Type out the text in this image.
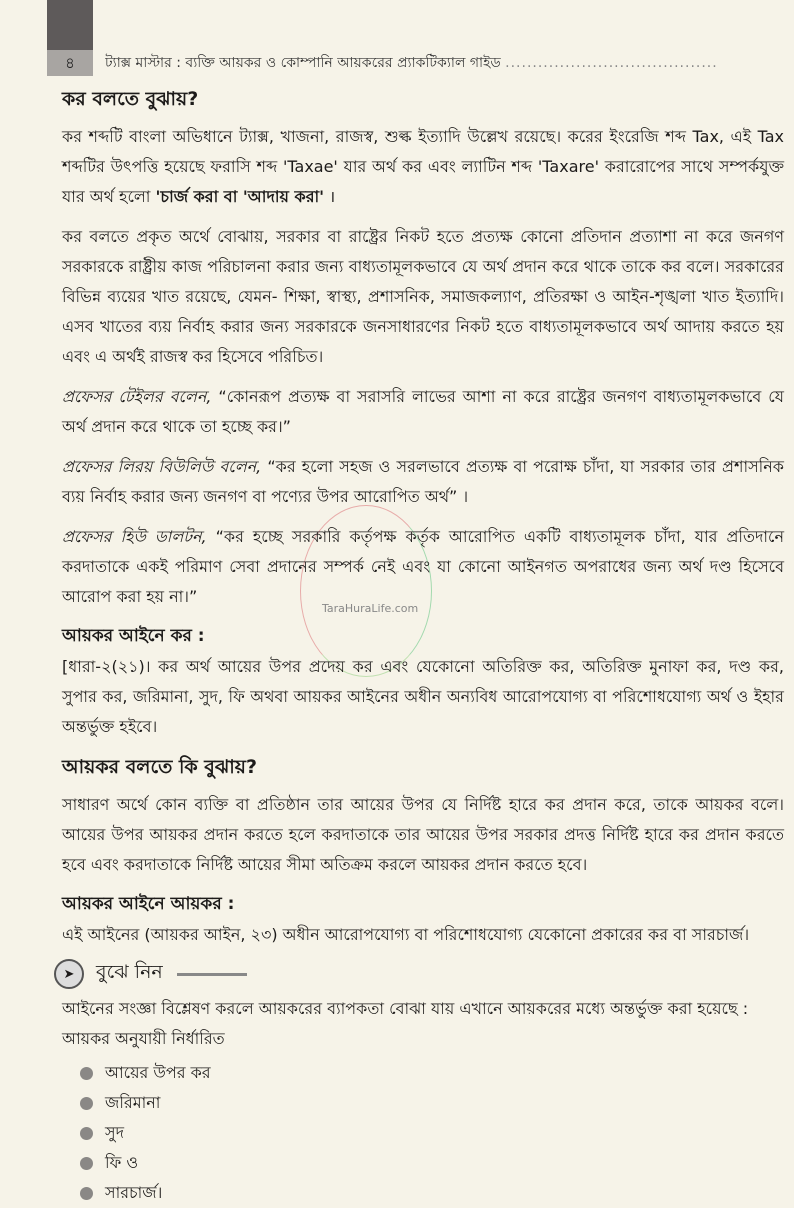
৪	ট্যাক্স মাস্টার : ব্যক্তি আয়কর ও কোম্পানি আয়করের প্র্যাকটিক্যাল গাইড .......................................
TaraHuraLife.com
কর বলতে বুঝায়?

কর শব্দটি বাংলা অভিধানে ট্যাক্স, খাজনা, রাজস্ব, শুল্ক ইত্যাদি উল্লেখ রয়েছে। করের ইংরেজি শব্দ Tax, এই Tax শব্দটির উৎপত্তি হয়েছে ফরাসি শব্দ 'Taxae' যার অর্থ কর এবং ল্যাটিন শব্দ 'Taxare' করারোপের সাথে সম্পর্কযুক্ত যার অর্থ হলো 'চার্জ করা বা 'আদায় করা' ।

কর বলতে প্রকৃত অর্থে বোঝায়, সরকার বা রাষ্ট্রের নিকট হতে প্রত্যক্ষ কোনো প্রতিদান প্রত্যাশা না করে জনগণ সরকারকে রাষ্ট্রীয় কাজ পরিচালনা করার জন্য বাধ্যতামূলকভাবে যে অর্থ প্রদান করে থাকে তাকে কর বলে। সরকারের বিভিন্ন ব্যয়ের খাত রয়েছে, যেমন- শিক্ষা, স্বাস্থ্য, প্রশাসনিক, সমাজকল্যাণ, প্রতিরক্ষা ও আইন-শৃঙ্খলা খাত ইত্যাদি। এসব খাতের ব্যয় নির্বাহ করার জন্য সরকারকে জনসাধারণের নিকট হতে বাধ্যতামূলকভাবে অর্থ আদায় করতে হয় এবং এ অর্থই রাজস্ব কর হিসেবে পরিচিত।

প্রফেসর টেইলর বলেন, “কোনরূপ প্রত্যক্ষ বা সরাসরি লাভের আশা না করে রাষ্ট্রের জনগণ বাধ্যতামূলকভাবে যে অর্থ প্রদান করে থাকে তা হচ্ছে কর।”

প্রফেসর লিরয় বিউলিউ বলেন, “কর হলো সহজ ও সরলভাবে প্রত্যক্ষ বা পরোক্ষ চাঁদা, যা সরকার তার প্রশাসনিক ব্যয় নির্বাহ করার জন্য জনগণ বা পণ্যের উপর আরোপিত অর্থ” ।

প্রফেসর হিউ ডালটন, “কর হচ্ছে সরকারি কর্তৃপক্ষ কর্তৃক আরোপিত একটি বাধ্যতামূলক চাঁদা, যার প্রতিদানে করদাতাকে একই পরিমাণ সেবা প্রদানের সম্পর্ক নেই এবং যা কোনো আইনগত অপরাধের জন্য অর্থ দণ্ড হিসেবে আরোপ করা হয় না।”

আয়কর আইনে কর :

[ধারা-২(২১)। কর অর্থ আয়ের উপর প্রদেয় কর এবং যেকোনো অতিরিক্ত কর, অতিরিক্ত মুনাফা কর, দণ্ড কর, সুপার কর, জরিমানা, সুদ, ফি অথবা আয়কর আইনের অধীন অন্যবিধ আরোপযোগ্য বা পরিশোধযোগ্য অর্থ ও ইহার অন্তর্ভুক্ত হইবে।

আয়কর বলতে কি বুঝায়?

সাধারণ অর্থে কোন ব্যক্তি বা প্রতিষ্ঠান তার আয়ের উপর যে নির্দিষ্ট হারে কর প্রদান করে, তাকে আয়কর বলে। আয়ের উপর আয়কর প্রদান করতে হলে করদাতাকে তার আয়ের উপর সরকার প্রদত্ত নির্দিষ্ট হারে কর প্রদান করতে হবে এবং করদাতাকে নির্দিষ্ট আয়ের সীমা অতিক্রম করলে আয়কর প্রদান করতে হবে।

আয়কর আইনে আয়কর :

এই আইনের (আয়কর আইন, ২৩) অধীন আরোপযোগ্য বা পরিশোধযোগ্য যেকোনো প্রকারের কর বা সারচার্জ।

➤	বুঝে নিন

আইনের সংজ্ঞা বিশ্লেষণ করলে আয়করের ব্যাপকতা বোঝা যায় এখানে আয়করের মধ্যে অন্তর্ভুক্ত করা হয়েছে :

আয়কর অনুযায়ী নির্ধারিত

আয়ের উপর কর
জরিমানা
সুদ
ফি ও
সারচার্জ।
